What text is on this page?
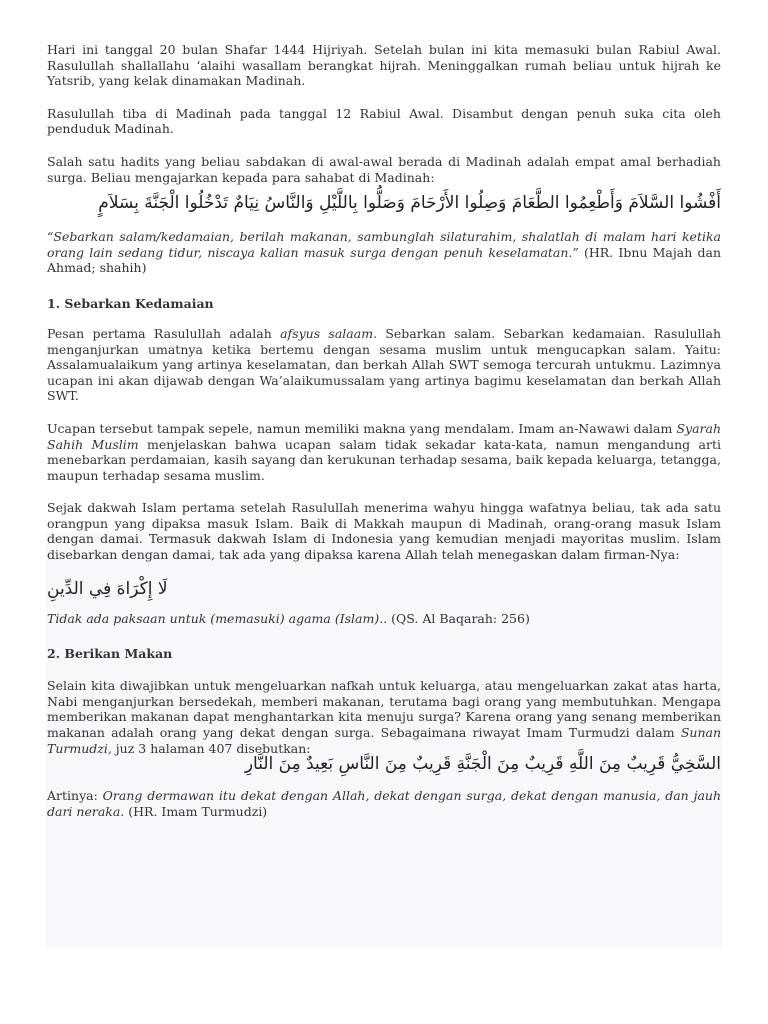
Hari ini tanggal 20 bulan Shafar 1444 Hijriyah. Setelah bulan ini kita memasuki bulan Rabiul Awal. Rasulullah shallallahu ‘alaihi wasallam berangkat hijrah. Meninggalkan rumah beliau untuk hijrah ke Yatsrib, yang kelak dinamakan Madinah.

Rasulullah tiba di Madinah pada tanggal 12 Rabiul Awal. Disambut dengan penuh suka cita oleh penduduk Madinah.

Salah satu hadits yang beliau sabdakan di awal-awal berada di Madinah adalah empat amal berhadiah surga. Beliau mengajarkan kepada para sahabat di Madinah:

أَفْشُوا السَّلاَمَ وَأَطْعِمُوا الطَّعَامَ وَصِلُوا الأَرْحَامَ وَصَلُّوا بِاللَّيْلِ وَالنَّاسُ نِيَامٌ تَدْخُلُوا الْجَنَّةَ بِسَلاَمٍ

“Sebarkan salam/kedamaian, berilah makanan, sambunglah silaturahim, shalatlah di malam hari ketika orang lain sedang tidur, niscaya kalian masuk surga dengan penuh keselamatan.” (HR. Ibnu Majah dan Ahmad; shahih)

1. Sebarkan Kedamaian

Pesan pertama Rasulullah adalah afsyus salaam. Sebarkan salam. Sebarkan kedamaian. Rasulullah menganjurkan umatnya ketika bertemu dengan sesama muslim untuk mengucapkan salam. Yaitu: Assalamualaikum yang artinya keselamatan, dan berkah Allah SWT semoga tercurah untukmu. Lazimnya ucapan ini akan dijawab dengan Wa’alaikumussalam yang artinya bagimu keselamatan dan berkah Allah SWT.

Ucapan tersebut tampak sepele, namun memiliki makna yang mendalam. Imam an-Nawawi dalam Syarah Sahih Muslim menjelaskan bahwa ucapan salam tidak sekadar kata-kata, namun mengandung arti menebarkan perdamaian, kasih sayang dan kerukunan terhadap sesama, baik kepada keluarga, tetangga, maupun terhadap sesama muslim.

Sejak dakwah Islam pertama setelah Rasulullah menerima wahyu hingga wafatnya beliau, tak ada satu orangpun yang dipaksa masuk Islam. Baik di Makkah maupun di Madinah, orang-orang masuk Islam dengan damai. Termasuk dakwah Islam di Indonesia yang kemudian menjadi mayoritas muslim. Islam disebarkan dengan damai, tak ada yang dipaksa karena Allah telah menegaskan dalam firman-Nya:

لَا إِكْرَاهَ فِي الدِّينِ

Tidak ada paksaan untuk (memasuki) agama (Islam).. (QS. Al Baqarah: 256)

2. Berikan Makan

Selain kita diwajibkan untuk mengeluarkan nafkah untuk keluarga, atau mengeluarkan zakat atas harta, Nabi menganjurkan bersedekah, memberi makanan, terutama bagi orang yang membutuhkan. Mengapa memberikan makanan dapat menghantarkan kita menuju surga? Karena orang yang senang memberikan makanan adalah orang yang dekat dengan surga. Sebagaimana riwayat Imam Turmudzi dalam Sunan Turmudzi, juz 3 halaman 407 disebutkan:

السَّخِيُّ قَرِيبٌ مِنَ اللَّهِ قَرِيبٌ مِنَ الْجَنَّةِ قَرِيبٌ مِنَ النَّاسِ بَعِيدٌ مِنَ النَّارِ

Artinya: Orang dermawan itu dekat dengan Allah, dekat dengan surga, dekat dengan manusia, dan jauh dari neraka. (HR. Imam Turmudzi)
